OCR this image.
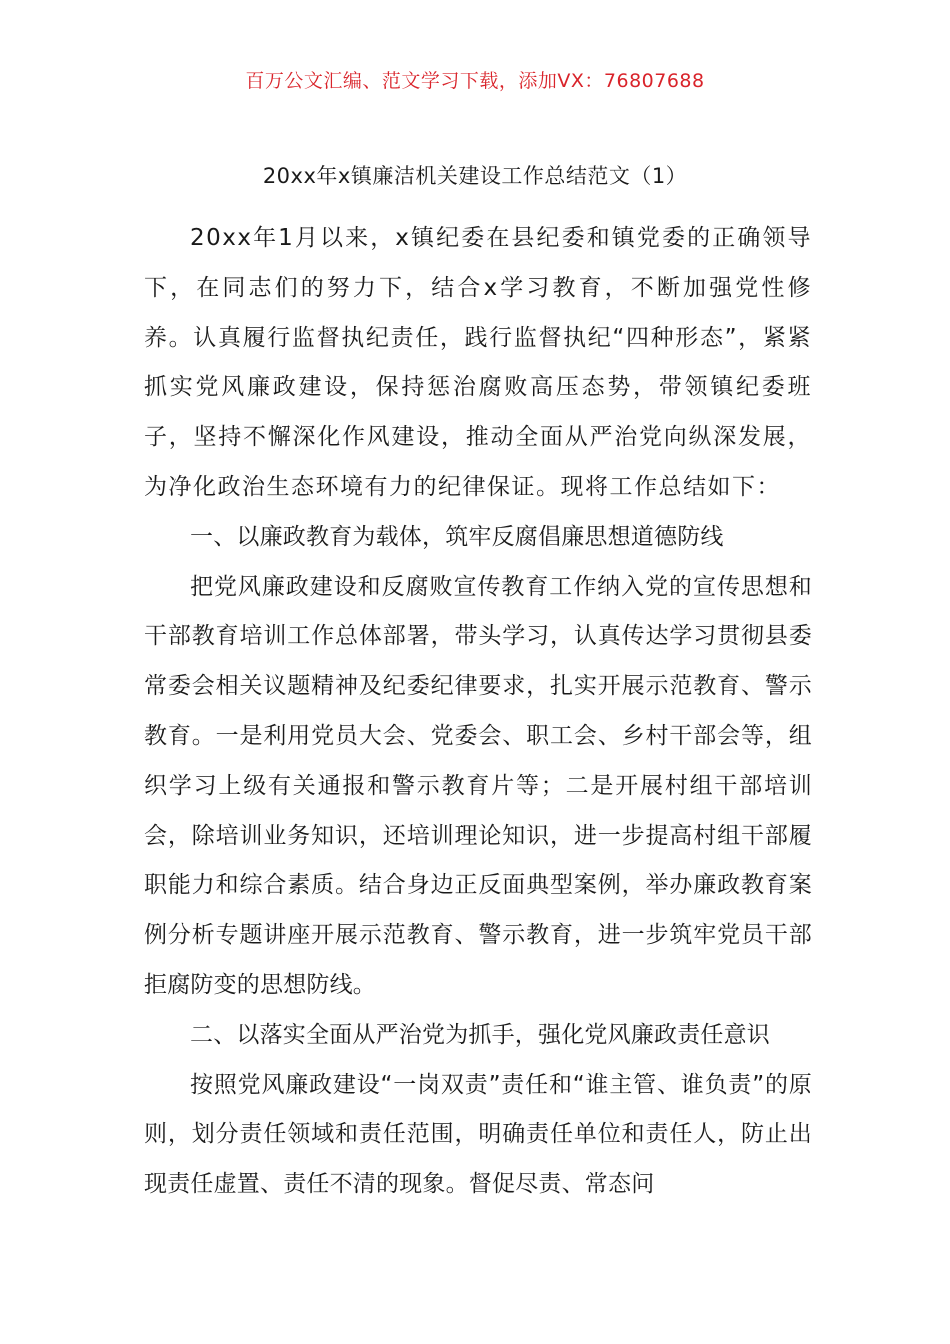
百万公文汇编、范文学习下载，添加VX：76807688
20xx年x镇廉洁机关建设工作总结范文（1）

20xx年1月以来，x镇纪委在县纪委和镇党委的正确领导下，在同志们的努力下，结合x学习教育，不断加强党性修养。认真履行监督执纪责任，践行监督执纪“四种形态”，紧紧抓实党风廉政建设，保持惩治腐败高压态势，带领镇纪委班子，坚持不懈深化作风建设，推动全面从严治党向纵深发展，为净化政治生态环境有力的纪律保证。现将工作总结如下：

一、以廉政教育为载体，筑牢反腐倡廉思想道德防线

把党风廉政建设和反腐败宣传教育工作纳入党的宣传思想和干部教育培训工作总体部署，带头学习，认真传达学习贯彻县委常委会相关议题精神及纪委纪律要求，扎实开展示范教育、警示教育。一是利用党员大会、党委会、职工会、乡村干部会等，组织学习上级有关通报和警示教育片等；二是开展村组干部培训会，除培训业务知识，还培训理论知识，进一步提高村组干部履职能力和综合素质。结合身边正反面典型案例，举办廉政教育案例分析专题讲座开展示范教育、警示教育，进一步筑牢党员干部拒腐防变的思想防线。

二、以落实全面从严治党为抓手，强化党风廉政责任意识

按照党风廉政建设“一岗双责”责任和“谁主管、谁负责”的原则，划分责任领域和责任范围，明确责任单位和责任人，防止出现责任虚置、责任不清的现象。督促尽责、常态问
